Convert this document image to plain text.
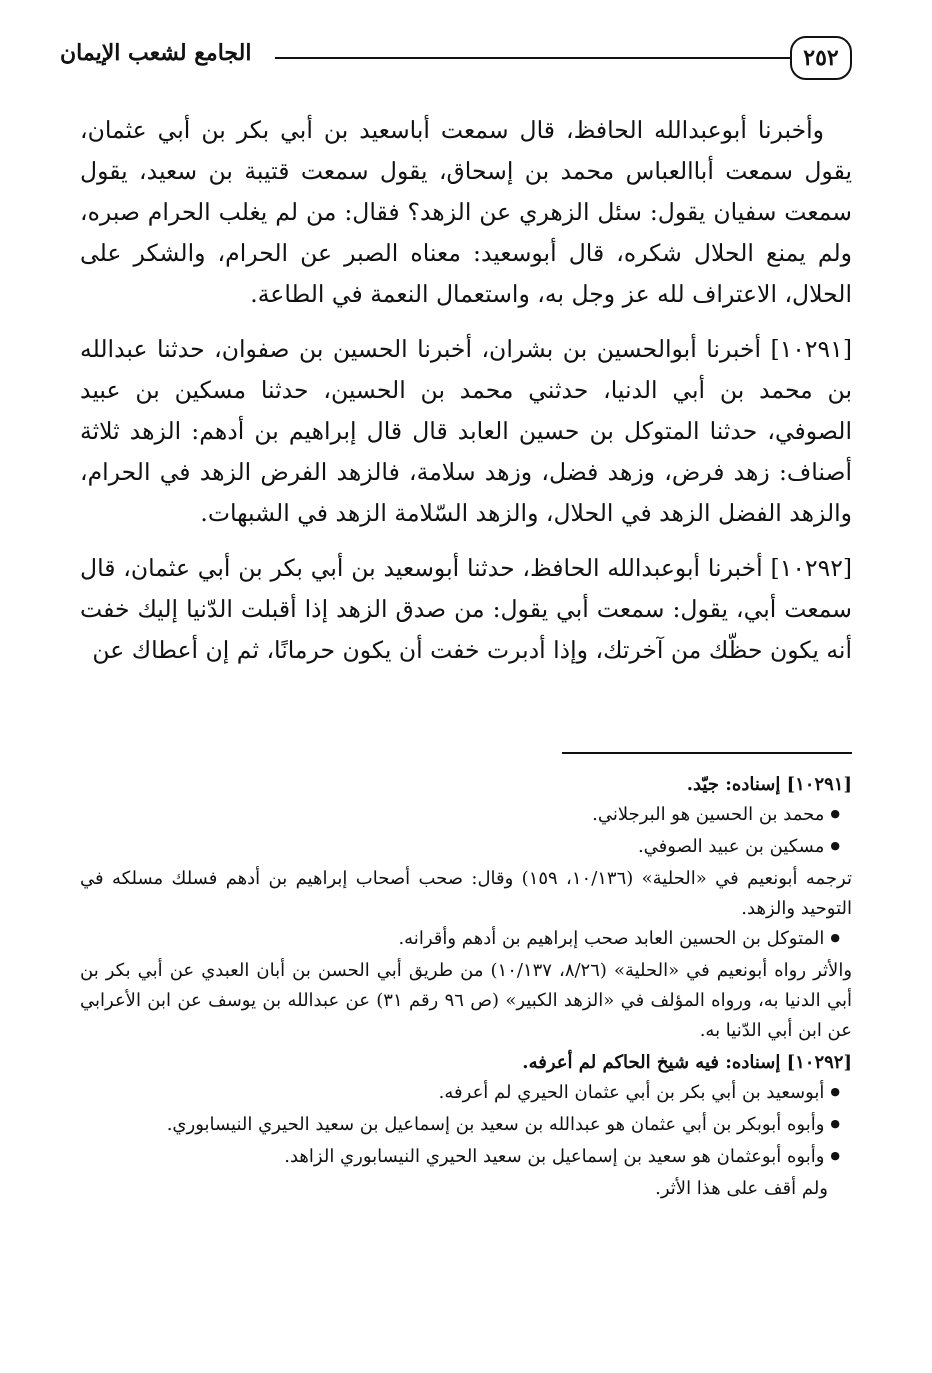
٢٥٢
الجامع لشعب الإيمان

وأخبرنا أبوعبدالله الحافظ، قال سمعت أباسعيد بن أبي بكر بن أبي عثمان، يقول سمعت أباالعباس محمد بن إسحاق، يقول سمعت قتيبة بن سعيد، يقول سمعت سفيان يقول: سئل الزهري عن الزهد؟ فقال: من لم يغلب الحرام صبره، ولم يمنع الحلال شكره، قال أبوسعيد: معناه الصبر عن الحرام، والشكر على الحلال، الاعتراف لله عز وجل به، واستعمال النعمة في الطاعة.

[١٠٢٩١] أخبرنا أبوالحسين بن بشران، أخبرنا الحسين بن صفوان، حدثنا عبدالله بن محمد بن أبي الدنيا، حدثني محمد بن الحسين، حدثنا مسكين بن عبيد الصوفي، حدثنا المتوكل بن حسين العابد قال قال إبراهيم بن أدهم: الزهد ثلاثة أصناف: زهد فرض، وزهد فضل، وزهد سلامة، فالزهد الفرض الزهد في الحرام، والزهد الفضل الزهد في الحلال، والزهد السّلامة الزهد في الشبهات.

[١٠٢٩٢] أخبرنا أبوعبدالله الحافظ، حدثنا أبوسعيد بن أبي بكر بن أبي عثمان، قال سمعت أبي، يقول: سمعت أبي يقول: من صدق الزهد إذا أقبلت الدّنيا إليك خفت أنه يكون حظّك من آخرتك، وإذا أدبرت خفت أن يكون حرمانًا، ثم إن أعطاك عن

[١٠٢٩١] إسناده: جيّد.

● محمد بن الحسين هو البرجلاني.

● مسكين بن عبيد الصوفي.

ترجمه أبونعيم في «الحلية» (١٠/١٣٦، ١٥٩) وقال: صحب أصحاب إبراهيم بن أدهم فسلك مسلكه في التوحيد والزهد.

● المتوكل بن الحسين العابد صحب إبراهيم بن أدهم وأقرانه.

والأثر رواه أبونعيم في «الحلية» (٨/٢٦، ١٠/١٣٧) من طريق أبي الحسن بن أبان العبدي عن أبي بكر بن أبي الدنيا به، ورواه المؤلف في «الزهد الكبير» (ص ٩٦ رقم ٣١) عن عبدالله بن يوسف عن ابن الأعرابي عن ابن أبي الدّنيا به.

[١٠٢٩٢] إسناده: فيه شيخ الحاكم لم أعرفه.

● أبوسعيد بن أبي بكر بن أبي عثمان الحيري لم أعرفه.

● وأبوه أبوبكر بن أبي عثمان هو عبدالله بن سعيد بن إسماعيل بن سعيد الحيري النيسابوري.

● وأبوه أبوعثمان هو سعيد بن إسماعيل بن سعيد الحيري النيسابوري الزاهد.

ولم أقف على هذا الأثر.
